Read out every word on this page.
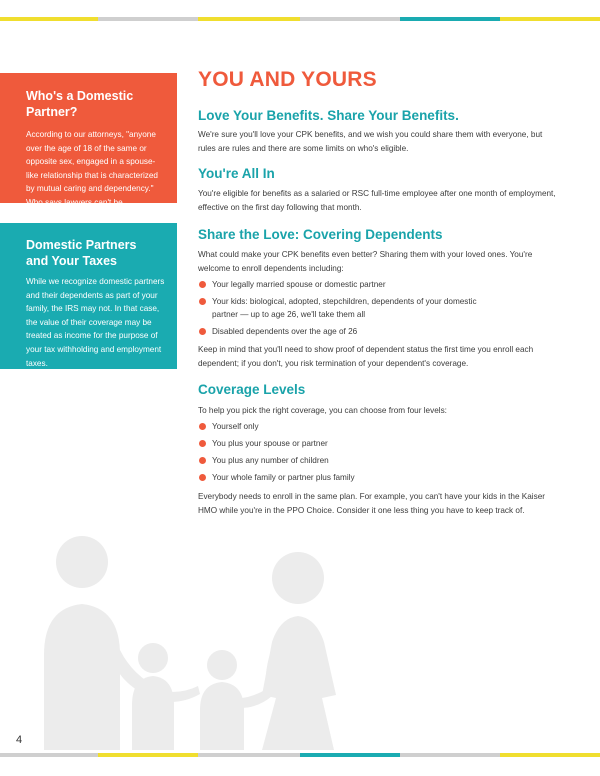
Who's a Domestic Partner?
According to our attorneys, "anyone over the age of 18 of the same or opposite sex, engaged in a spouse-like relationship that is characterized by mutual caring and dependency." Who says lawyers can't be sentimental?
Domestic Partners
and Your Taxes
While we recognize domestic partners and their dependents as part of your family, the IRS may not. In that case, the value of their coverage may be treated as income for the purpose of your tax withholding and employment taxes.
YOU AND YOURS
Love Your Benefits. Share Your Benefits.

We're sure you'll love your CPK benefits, and we wish you could share them with everyone, but rules are rules and there are some limits on who's eligible.

You're All In

You're eligible for benefits as a salaried or RSC full-time employee after one month of employment, effective on the first day following that month.

Share the Love: Covering Dependents

What could make your CPK benefits even better? Sharing them with your loved ones. You're welcome to enroll dependents including:

Your legally married spouse or domestic partner
Your kids: biological, adopted, stepchildren, dependents of your domestic partner — up to age 26, we'll take them all
Disabled dependents over the age of 26

Keep in mind that you'll need to show proof of dependent status the first time you enroll each dependent; if you don't, you risk termination of your dependent's coverage.

Coverage Levels

To help you pick the right coverage, you can choose from four levels:

Yourself only
You plus your spouse or partner
You plus any number of children
Your whole family or partner plus family

Everybody needs to enroll in the same plan. For example, you can't have your kids in the Kaiser HMO while you're in the PPO Choice. Consider it one less thing you have to keep track of.

4
